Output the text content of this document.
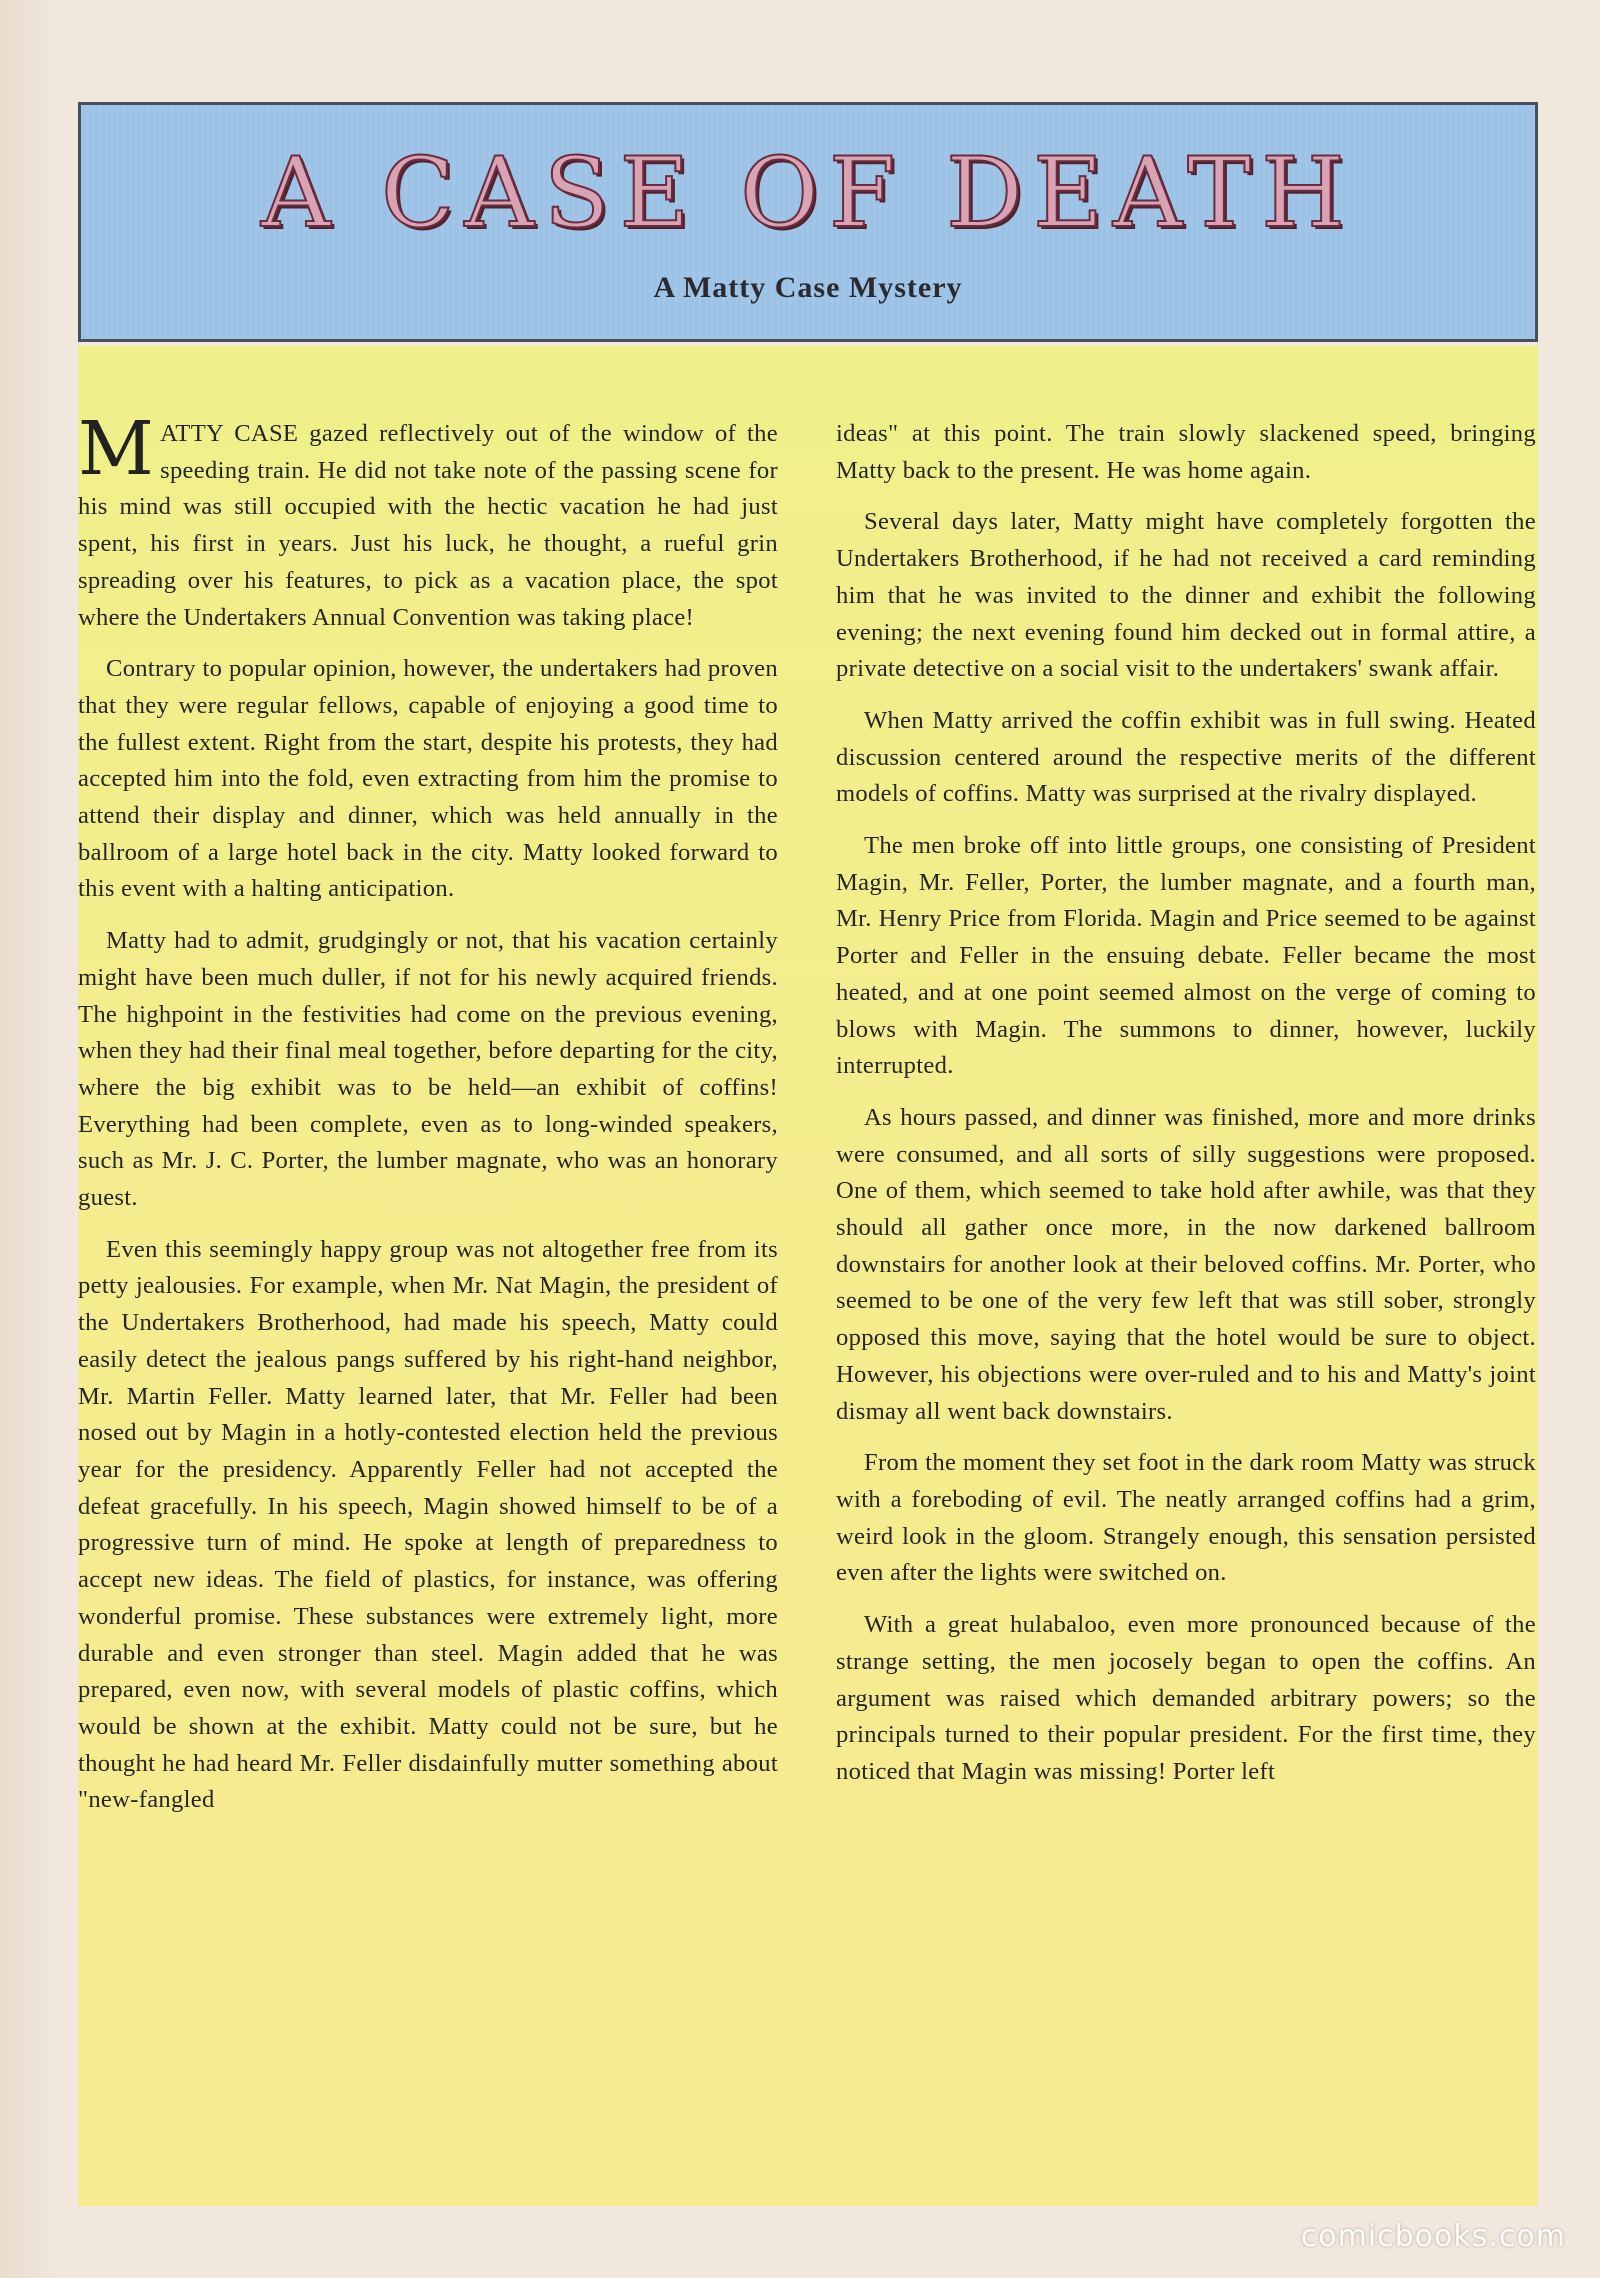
A CASE OF DEATH
A Matty Case Mystery

MATTY CASE gazed reflectively out of the window of the speeding train. He did not take note of the passing scene for his mind was still occupied with the hectic vacation he had just spent, his first in years. Just his luck, he thought, a rueful grin spreading over his features, to pick as a vacation place, the spot where the Undertakers Annual Convention was taking place!

Contrary to popular opinion, however, the undertakers had proven that they were regular fellows, capable of enjoying a good time to the fullest extent. Right from the start, despite his protests, they had accepted him into the fold, even extracting from him the promise to attend their display and dinner, which was held annually in the ballroom of a large hotel back in the city. Matty looked forward to this event with a halting anticipation.

Matty had to admit, grudgingly or not, that his vacation certainly might have been much duller, if not for his newly acquired friends. The highpoint in the festivities had come on the previous evening, when they had their final meal together, before departing for the city, where the big exhibit was to be held—an exhibit of coffins! Everything had been complete, even as to long-winded speakers, such as Mr. J. C. Porter, the lumber magnate, who was an honorary guest.

Even this seemingly happy group was not altogether free from its petty jealousies. For example, when Mr. Nat Magin, the president of the Undertakers Brotherhood, had made his speech, Matty could easily detect the jealous pangs suffered by his right-hand neighbor, Mr. Martin Feller. Matty learned later, that Mr. Feller had been nosed out by Magin in a hotly-contested election held the previous year for the presidency. Apparently Feller had not accepted the defeat gracefully. In his speech, Magin showed himself to be of a progressive turn of mind. He spoke at length of preparedness to accept new ideas. The field of plastics, for instance, was offering wonderful promise. These substances were extremely light, more durable and even stronger than steel. Magin added that he was prepared, even now, with several models of plastic coffins, which would be shown at the exhibit. Matty could not be sure, but he thought he had heard Mr. Feller disdainfully mutter something about "new-fangled

ideas" at this point. The train slowly slackened speed, bringing Matty back to the present. He was home again.

Several days later, Matty might have completely forgotten the Undertakers Brotherhood, if he had not received a card reminding him that he was invited to the dinner and exhibit the following evening; the next evening found him decked out in formal attire, a private detective on a social visit to the undertakers' swank affair.

When Matty arrived the coffin exhibit was in full swing. Heated discussion centered around the respective merits of the different models of coffins. Matty was surprised at the rivalry displayed.

The men broke off into little groups, one consisting of President Magin, Mr. Feller, Porter, the lumber magnate, and a fourth man, Mr. Henry Price from Florida. Magin and Price seemed to be against Porter and Feller in the ensuing debate. Feller became the most heated, and at one point seemed almost on the verge of coming to blows with Magin. The summons to dinner, however, luckily interrupted.

As hours passed, and dinner was finished, more and more drinks were consumed, and all sorts of silly suggestions were proposed. One of them, which seemed to take hold after awhile, was that they should all gather once more, in the now darkened ballroom downstairs for another look at their beloved coffins. Mr. Porter, who seemed to be one of the very few left that was still sober, strongly opposed this move, saying that the hotel would be sure to object. However, his objections were over-ruled and to his and Matty's joint dismay all went back downstairs.

From the moment they set foot in the dark room Matty was struck with a foreboding of evil. The neatly arranged coffins had a grim, weird look in the gloom. Strangely enough, this sensation persisted even after the lights were switched on.

With a great hulabaloo, even more pronounced because of the strange setting, the men jocosely began to open the coffins. An argument was raised which demanded arbitrary powers; so the principals turned to their popular president. For the first time, they noticed that Magin was missing! Porter left

comicbooks.com
